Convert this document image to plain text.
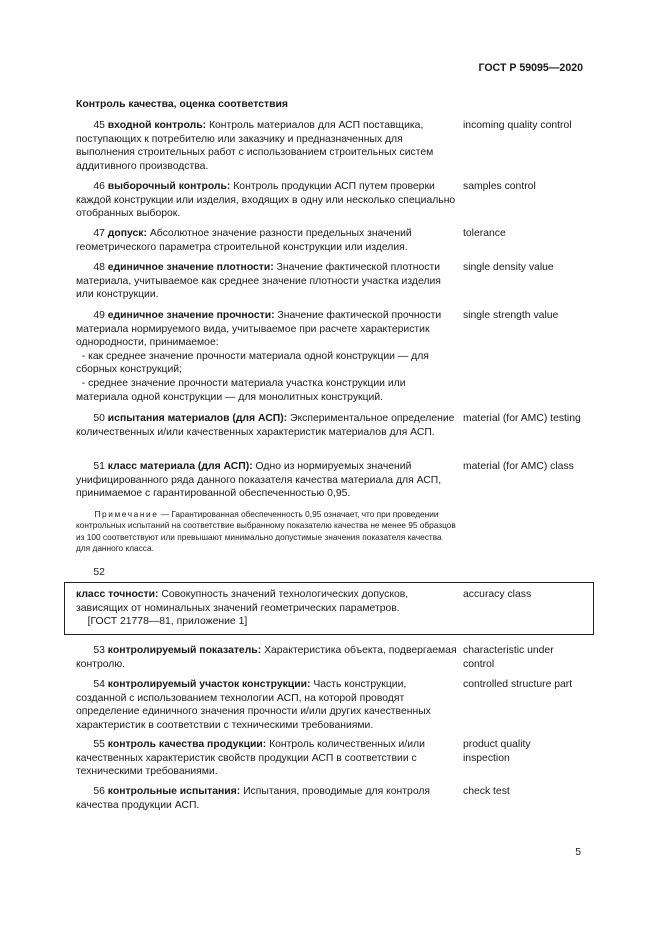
ГОСТ Р 59095—2020
Контроль качества, оценка соответствия

45 входной контроль: Контроль материалов для АСП поставщика, поступающих к потребителю или заказчику и предназначенных для выполнения строительных работ с использованием строительных систем аддитивного производства.

incoming quality control

46 выборочный контроль: Контроль продукции АСП путем проверки каждой конструкции или изделия, входящих в одну или несколько специально отобранных выборок.

samples control

47 допуск: Абсолютное значение разности предельных значений геометрического параметра строительной конструкции или изделия.

tolerance

48 единичное значение плотности: Значение фактической плотности материала, учитываемое как среднее значение плотности участка изделия или конструкции.

single density value

49 единичное значение прочности: Значение фактической прочности материала нормируемого вида, учитываемое при расчете характеристик однородности, принимаемое:

- как среднее значение прочности материала одной конструкции — для сборных конструкций;

- среднее значение прочности материала участка конструкции или материала одной конструкции — для монолитных конструкций.

single strength value

50 испытания материалов (для АСП): Экспериментальное определение количественных и/или качественных характеристик материалов для АСП.

material (for AMC) testing

51 класс материала (для АСП): Одно из нормируемых значений унифицированного ряда данного показателя качества материала для АСП, принимаемое с гарантированной обеспеченностью 0,95.

material (for AMC) class
Примечание — Гарантированная обеспеченность 0,95 означает, что при проведении контрольных испытаний на соответствие выбранному показателю качества не менее 95 образцов из 100 соответствуют или превышают минимально допустимые значения показателя качества для данного класса.
52

класс точности: Совокупность значений технологических допусков, зависящих от номинальных значений геометрических параметров.

[ГОСТ 21778—81, приложение 1]

accuracy class

53 контролируемый показатель: Характеристика объекта, подвергаемая контролю.

characteristic under control

54 контролируемый участок конструкции: Часть конструкции, созданной с использованием технологии АСП, на которой проводят определение единичного значения прочности и/или других качественных характеристик в соответствии с техническими требованиями.

controlled structure part

55 контроль качества продукции: Контроль количественных и/или качественных характеристик свойств продукции АСП в соответствии с техническими требованиями.

product quality inspection

56 контрольные испытания: Испытания, проводимые для контроля качества продукции АСП.

check test
5
